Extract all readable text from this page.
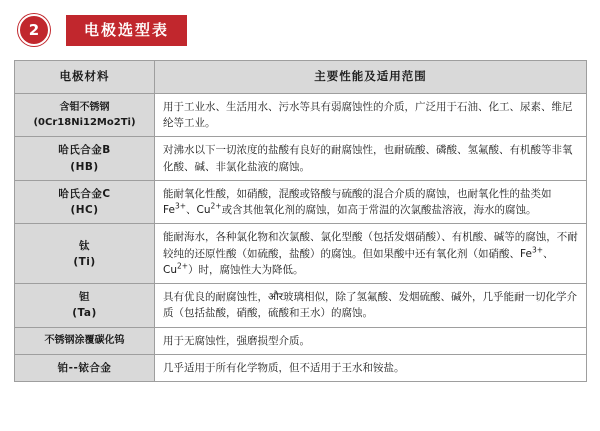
2	电极选型表
电极材料	主要性能及适用范围

含钼不锈钢
(0Cr18Ni12Mo2Ti)	用于工业水、生活用水、污水等具有弱腐蚀性的介质，广泛用于石油、化工、尿素、维尼纶等工业。

哈氏合金B
(HB)	对沸水以下一切浓度的盐酸有良好的耐腐蚀性，也耐硫酸、磷酸、氢氟酸、有机酸等非氧化酸、碱、非氯化盐液的腐蚀。

哈氏合金C
(HC)	能耐氧化性酸，如硝酸，混酸或铬酸与硫酸的混合介质的腐蚀，也耐氧化性的盐类如$Fe^{3+}$、$Cu^{2+}$或含其他氧化剂的腐蚀，如高于常温的次氯酸盐溶液，海水的腐蚀。

钛
(Ti)	能耐海水，各种氯化物和次氯酸、氯化型酸（包括发烟硝酸）、有机酸、碱等的腐蚀，不耐较纯的还原性酸（如硫酸，盐酸）的腐蚀。但如果酸中还有氧化剂（如硝酸、$Fe^{3+}$、$Cu^{2+}$）时，腐蚀性大为降低。

钽
(Ta)	具有优良的耐腐蚀性，और玻璃相似，除了氢氟酸、发烟硫酸、碱外，几乎能耐一切化学介质（包括盐酸，硝酸，硫酸和王水）的腐蚀。

不锈钢涂覆碳化钨	用于无腐蚀性，强磨损型介质。

铂--铱合金	几乎适用于所有化学物质，但不适用于王水和铵盐。
